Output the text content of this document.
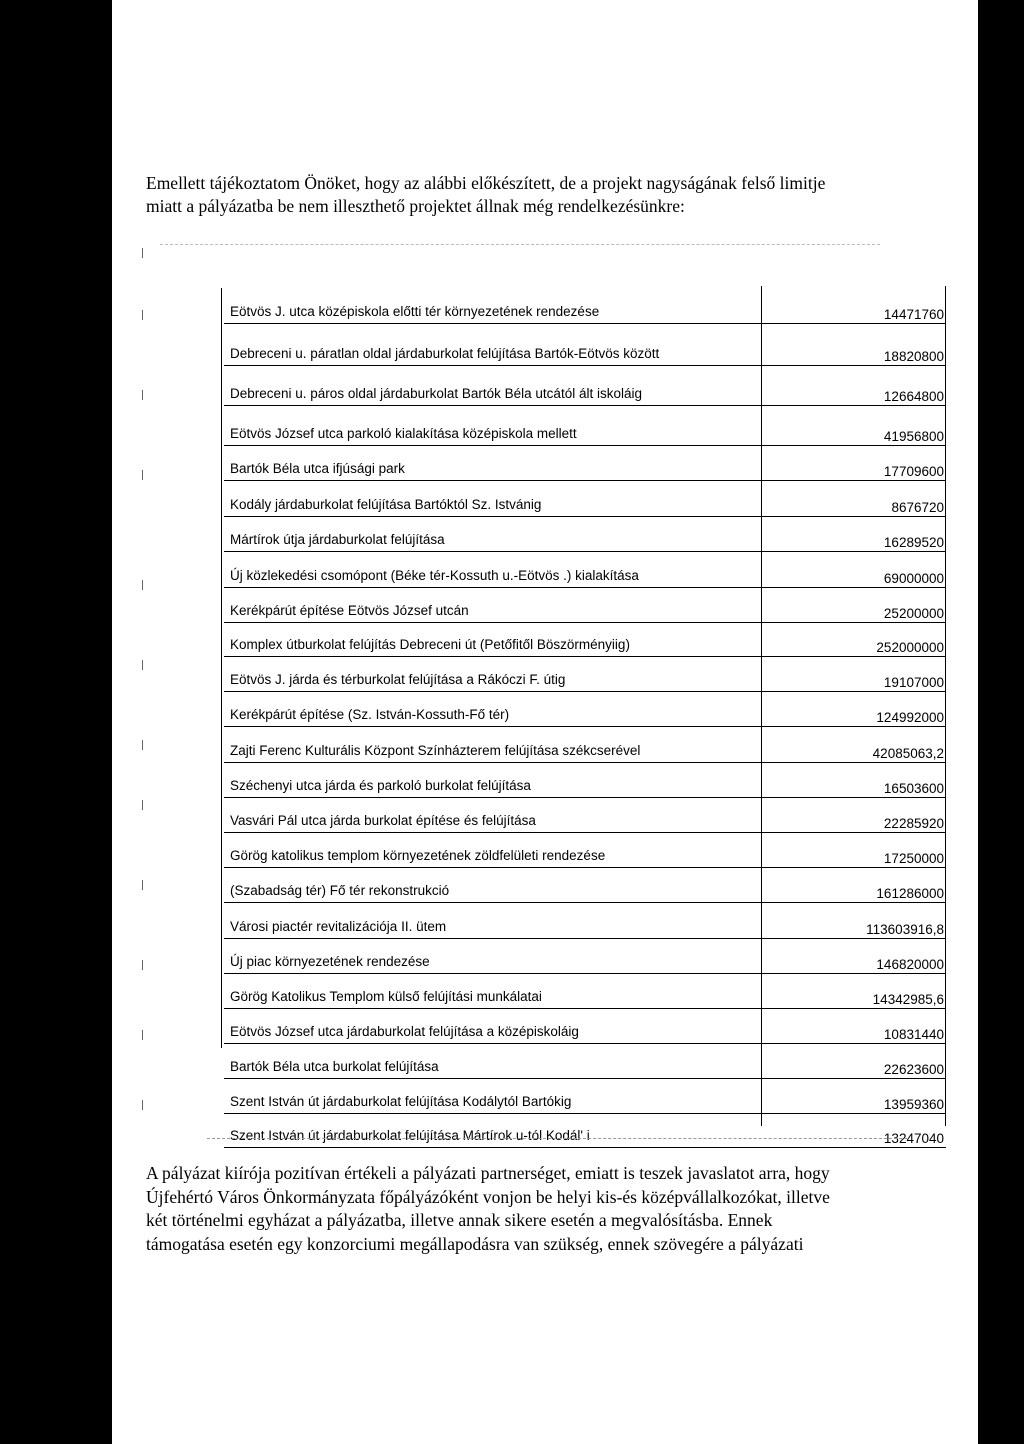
Emellett tájékoztatom Önöket, hogy az alábbi előkészített, de a projekt nagyságának felső limitje
miatt a pályázatba be nem illeszthető projektet állnak még rendelkezésünkre:
Eötvös J. utca középiskola előtti tér környezetének rendezése	14471760
Debreceni u. páratlan oldal járdaburkolat felújítása Bartók-Eötvös között	18820800
Debreceni u. páros oldal járdaburkolat Bartók Béla utcától ált iskoláig	12664800
Eötvös József utca parkoló kialakítása középiskola mellett	41956800
Bartók Béla utca ifjúsági park	17709600
Kodály járdaburkolat felújítása Bartóktól Sz. Istvánig	8676720
Mártírok útja járdaburkolat felújítása	16289520
Új közlekedési csomópont (Béke tér-Kossuth u.-Eötvös .) kialakítása	69000000
Kerékpárút építése Eötvös József utcán	25200000
Komplex útburkolat felújítás Debreceni út (Petőfitől Böszörményiig)	252000000
Eötvös J. járda és térburkolat felújítása a Rákóczi F. útig	19107000
Kerékpárút építése (Sz. István-Kossuth-Fő tér)	124992000
Zajti Ferenc Kulturális Központ Színházterem felújítása székcserével	42085063,2
Széchenyi utca járda és parkoló burkolat felújítása	16503600
Vasvári Pál utca járda burkolat építése és felújítása	22285920
Görög katolikus templom környezetének zöldfelületi rendezése	17250000
(Szabadság tér) Fő tér rekonstrukció	161286000
Városi piactér revitalizációja II. ütem	113603916,8
Új piac környezetének rendezése	146820000
Görög Katolikus Templom külső felújítási munkálatai	14342985,6
Eötvös József utca járdaburkolat felújítása a középiskoláig	10831440
Bartók Béla utca burkolat felújítása	22623600
Szent István út járdaburkolat felújítása Kodálytól Bartókig	13959360
Szent István út járdaburkolat felújítása Mártírok u-tól Kodál' i	13247040
A pályázat kiírója pozitívan értékeli a pályázati partnerséget, emiatt is teszek javaslatot arra, hogy
Újfehértó Város Önkormányzata főpályázóként vonjon be helyi kis-és középvállalkozókat, illetve
két történelmi egyházat a pályázatba, illetve annak sikere esetén a megvalósításba. Ennek
támogatása esetén egy konzorciumi megállapodásra van szükség, ennek szövegére a pályázati
